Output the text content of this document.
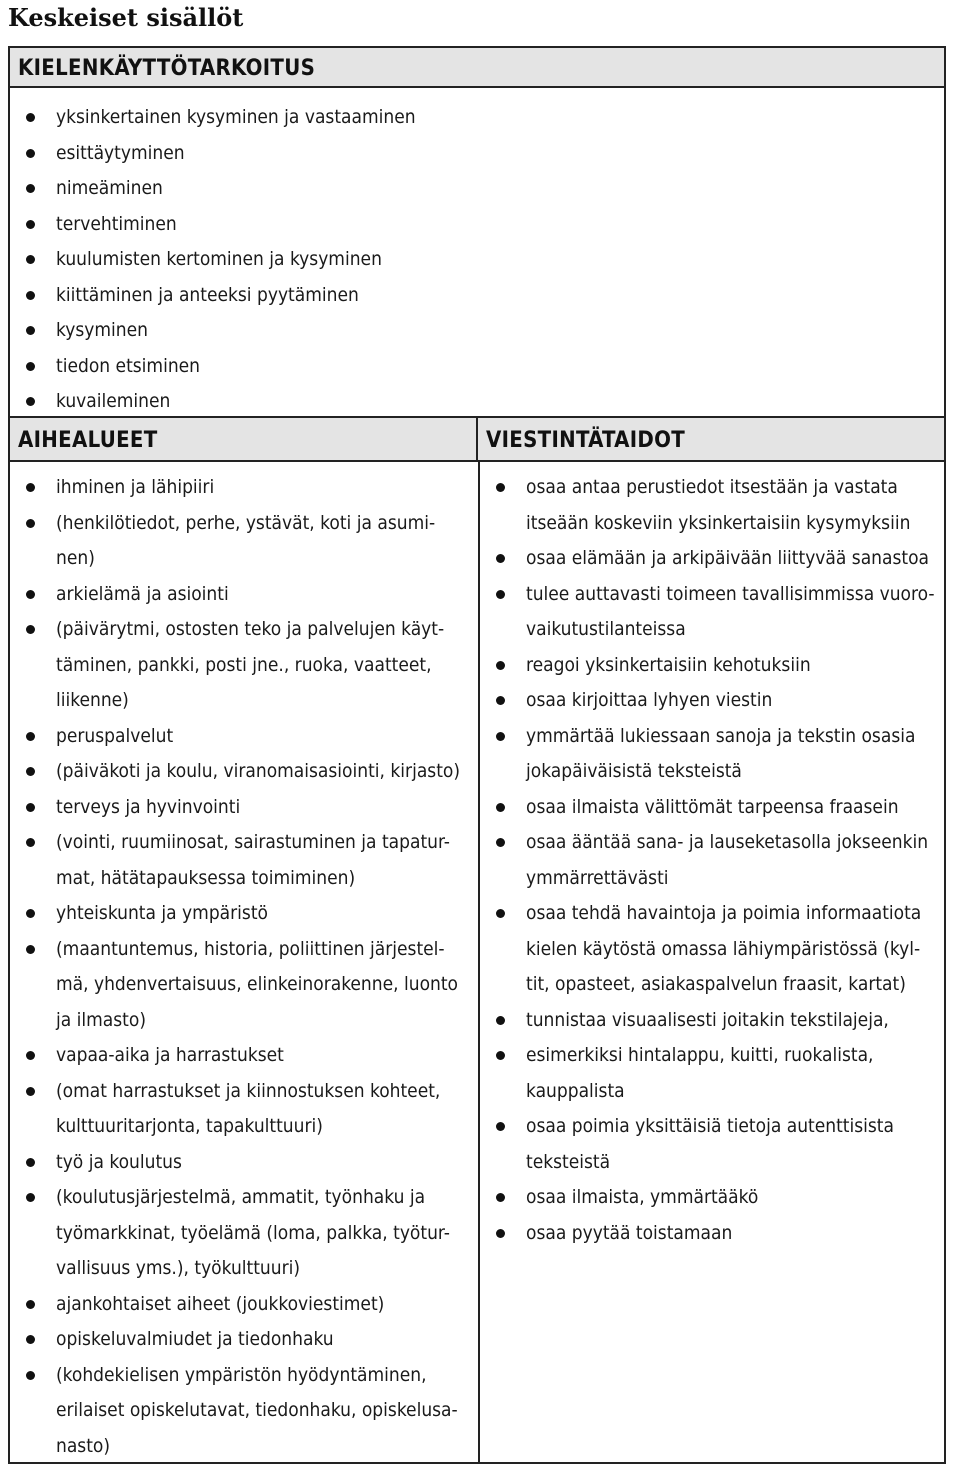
Keskeiset sisällöt
KIELENKÄYTTÖTARKOITUS
yksinkertainen kysyminen ja vastaaminen
esittäytyminen
nimeäminen
tervehtiminen
kuulumisten kertominen ja kysyminen
kiittäminen ja anteeksi pyytäminen
kysyminen
tiedon etsiminen
kuvaileminen
AIHEALUEET	VIESTINTÄTAIDOT
ihminen ja lähipiiri
(henkilötiedot, perhe, ystävät, koti ja asumi-nen)
arkielämä ja asiointi
(päivärytmi, ostosten teko ja palvelujen käyt-täminen, pankki, posti jne., ruoka, vaatteet, liikenne)
peruspalvelut
(päiväkoti ja koulu, viranomaisasiointi, kirjasto)
terveys ja hyvinvointi
(vointi, ruumiinosat, sairastuminen ja tapatur-mat, hätätapauksessa toimiminen)
yhteiskunta ja ympäristö
(maantuntemus, historia, poliittinen järjestel-mä, yhdenvertaisuus, elinkeinorakenne, luonto ja ilmasto)
vapaa-aika ja harrastukset
(omat harrastukset ja kiinnostuksen kohteet, kulttuuritarjonta, tapakulttuuri)
työ ja koulutus
(koulutusjärjestelmä, ammatit, työnhaku ja työmarkkinat, työelämä (loma, palkka, työtur-vallisuus yms.), työkulttuuri)
ajankohtaiset aiheet (joukkoviestimet)
opiskeluvalmiudet ja tiedonhaku
(kohdekielisen ympäristön hyödyntäminen, erilaiset opiskelutavat, tiedonhaku, opiskelusa-nasto)
osaa antaa perustiedot itsestään ja vastata itseään koskeviin yksinkertaisiin kysymyksiin
osaa elämään ja arkipäivään liittyvää sanastoa
tulee auttavasti toimeen tavallisimmissa vuoro-vaikutustilanteissa
reagoi yksinkertaisiin kehotuksiin
osaa kirjoittaa lyhyen viestin
ymmärtää lukiessaan sanoja ja tekstin osasia jokapäiväisistä teksteistä
osaa ilmaista välittömät tarpeensa fraasein
osaa ääntää sana- ja lauseketasolla jokseenkin ymmärrettävästi
osaa tehdä havaintoja ja poimia informaatiota kielen käytöstä omassa lähiympäristössä (kyl-tit, opasteet, asiakaspalvelun fraasit, kartat)
tunnistaa visuaalisesti joitakin tekstilajeja,
esimerkiksi hintalappu, kuitti, ruokalista, kauppalista
osaa poimia yksittäisiä tietoja autenttisista teksteistä
osaa ilmaista, ymmärtääkö
osaa pyytää toistamaan
